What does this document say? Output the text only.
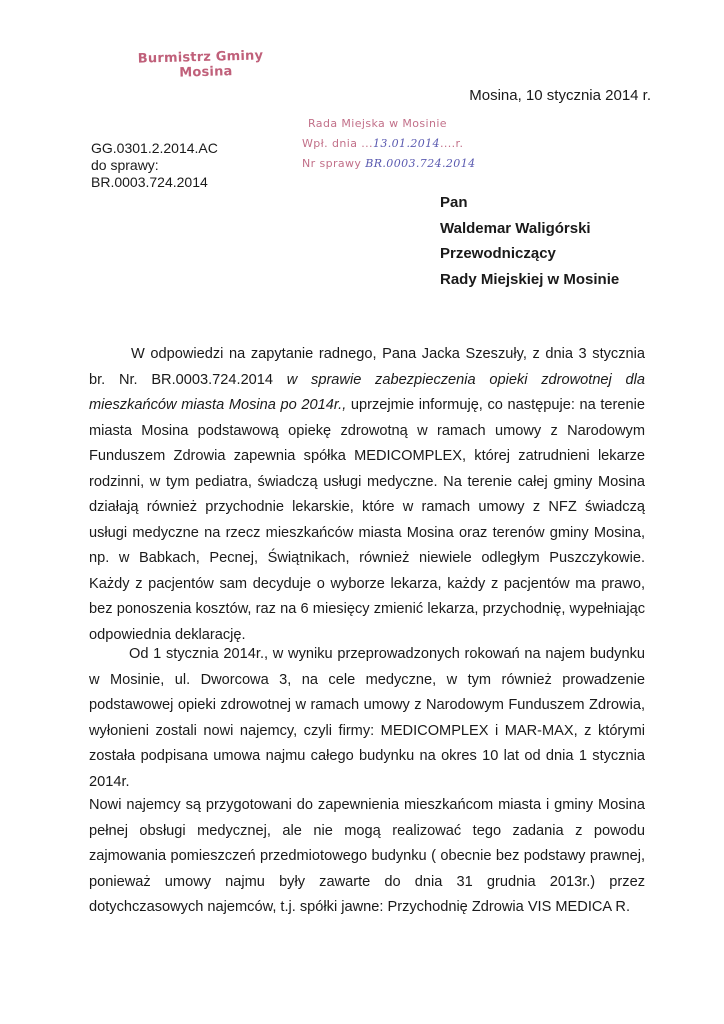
Burmistrz Gminy
Mosina
Mosina, 10 stycznia 2014 r.
Rada Miejska w Mosinie
Wpł. dnia ...13.01.2014....r.
Nr sprawy BR.0003.724.2014
GG.0301.2.2014.AC
do sprawy:
BR.0003.724.2014
Pan
Waldemar Waligórski
Przewodniczący
Rady Miejskiej w Mosinie
W odpowiedzi na zapytanie radnego, Pana Jacka Szeszuły, z dnia 3 stycznia br. Nr. BR.0003.724.2014 w sprawie zabezpieczenia opieki zdrowotnej dla mieszkańców miasta Mosina po 2014r., uprzejmie informuję, co następuje: na terenie miasta Mosina podstawową opiekę zdrowotną w ramach umowy z Narodowym Funduszem Zdrowia zapewnia spółka MEDICOMPLEX, której zatrudnieni lekarze rodzinni, w tym pediatra, świadczą usługi medyczne. Na terenie całej gminy Mosina działają również przychodnie lekarskie, które w ramach umowy z NFZ świadczą usługi medyczne na rzecz mieszkańców miasta Mosina oraz terenów gminy Mosina, np. w Babkach, Pecnej, Świątnikach, również niewiele odległym Puszczykowie. Każdy z pacjentów sam decyduje o wyborze lekarza, każdy z pacjentów ma prawo, bez ponoszenia kosztów, raz na 6 miesięcy zmienić lekarza, przychodnię, wypełniając odpowiednia deklarację.
Od 1 stycznia 2014r., w wyniku przeprowadzonych rokowań na najem budynku w Mosinie, ul. Dworcowa 3, na cele medyczne, w tym również prowadzenie podstawowej opieki zdrowotnej w ramach umowy z Narodowym Funduszem Zdrowia, wyłonieni zostali nowi najemcy, czyli firmy: MEDICOMPLEX i MAR-MAX, z którymi została podpisana umowa najmu całego budynku na okres 10 lat od dnia 1 stycznia 2014r.
Nowi najemcy są przygotowani do zapewnienia mieszkańcom miasta i gminy Mosina pełnej obsługi medycznej, ale nie mogą realizować tego zadania z powodu zajmowania pomieszczeń przedmiotowego budynku ( obecnie bez podstawy prawnej, ponieważ umowy najmu były zawarte do dnia 31 grudnia 2013r.) przez dotychczasowych najemców, t.j. spółki jawne: Przychodnię Zdrowia VIS MEDICA R.
